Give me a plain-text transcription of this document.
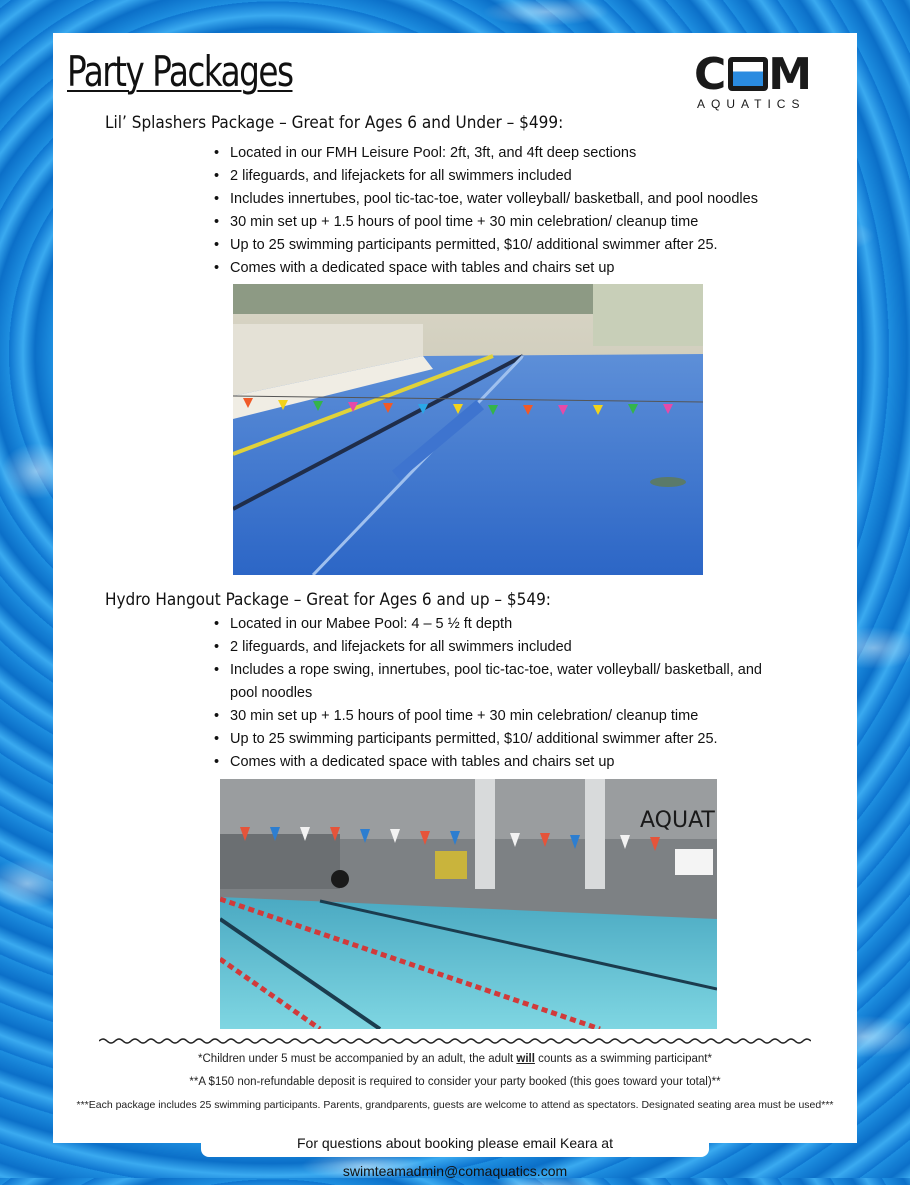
Party Packages	C M
AQUATICS
Lil’ Splashers Package – Great for Ages 6 and Under – $499:
• Located in our FMH Leisure Pool: 2ft, 3ft, and 4ft deep sections
• 2 lifeguards, and lifejackets for all swimmers included
• Includes innertubes, pool tic-tac-toe, water volleyball/ basketball, and pool noodles
• 30 min set up + 1.5 hours of pool time + 30 min celebration/ cleanup time
• Up to 25 swimming participants permitted, $10/ additional swimmer after 25.
• Comes with a dedicated space with tables and chairs set up
Hydro Hangout Package – Great for Ages 6 and up – $549:
• Located in our Mabee Pool: 4 – 5 ½ ft depth
• 2 lifeguards, and lifejackets for all swimmers included
• Includes a rope swing, innertubes, pool tic-tac-toe, water volleyball/ basketball, and
pool noodles
• 30 min set up + 1.5 hours of pool time + 30 min celebration/ cleanup time
• Up to 25 swimming participants permitted, $10/ additional swimmer after 25.
• Comes with a dedicated space with tables and chairs set up
AQUAT
*Children under 5 must be accompanied by an adult, the adult will counts as a swimming participant*
**A $150 non-refundable deposit is required to consider your party booked (this goes toward your total)**
***Each package includes 25 swimming participants. Parents, grandparents, guests are welcome to attend as spectators. Designated seating area must be used***
For questions about booking please email Keara at swimteamadmin@comaquatics.com
